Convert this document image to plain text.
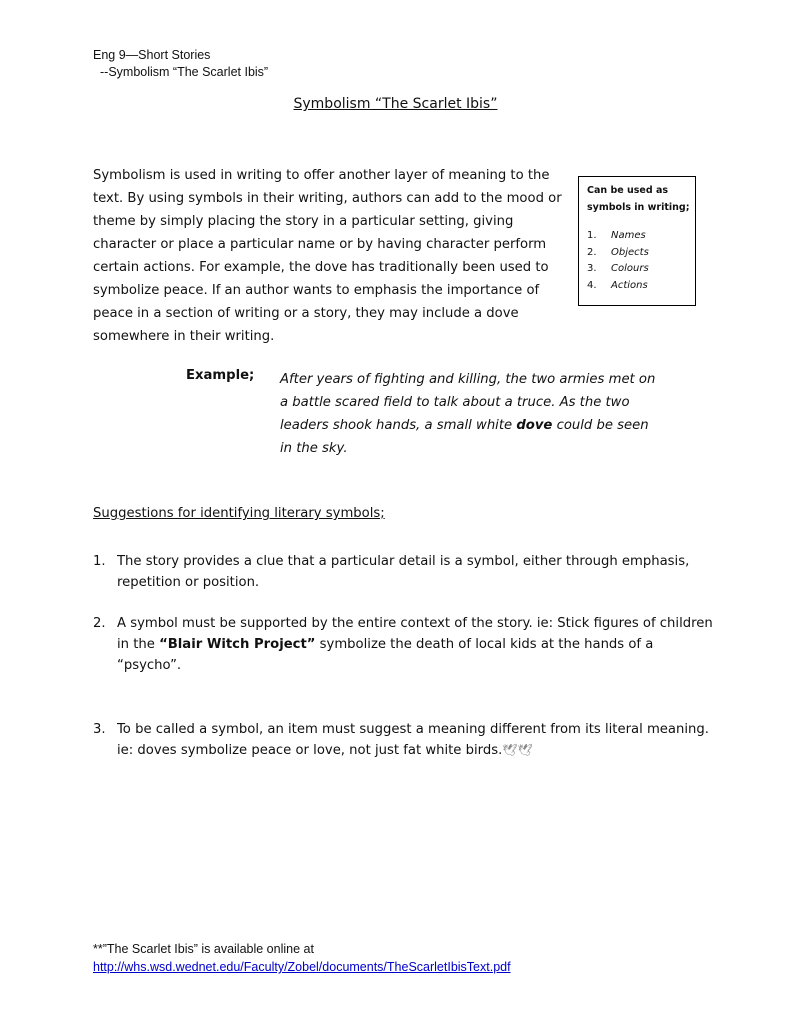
Eng 9—Short Stories
--Symbolism “The Scarlet Ibis”
Symbolism “The Scarlet Ibis”

Symbolism is used in writing to offer another layer of meaning to the text. By using symbols in their writing, authors can add to the mood or theme by simply placing the story in a particular setting, giving character or place a particular name or by having character perform certain actions. For example, the dove has traditionally been used to symbolize peace. If an author wants to emphasis the importance of peace in a section of writing or a story, they may include a dove somewhere in their writing.

Can be used as symbols in writing;

1.	Names
2.	Objects
3.	Colours
4.	Actions
Example; After years of fighting and killing, the two armies met on a battle scared field to talk about a truce. As the two leaders shook hands, a small white dove could be seen in the sky.

Suggestions for identifying literary symbols;
1. The story provides a clue that a particular detail is a symbol, either through emphasis, repetition or position.
2. A symbol must be supported by the entire context of the story. ie: Stick figures of children in the “Blair Witch Project” symbolize the death of local kids at the hands of a “psycho”.
3. To be called a symbol, an item must suggest a meaning different from its literal meaning. ie: doves symbolize peace or love, not just fat white birds.🕊🕊
**”The Scarlet Ibis” is available online at
http://whs.wsd.wednet.edu/Faculty/Zobel/documents/TheScarletIbisText.pdf
